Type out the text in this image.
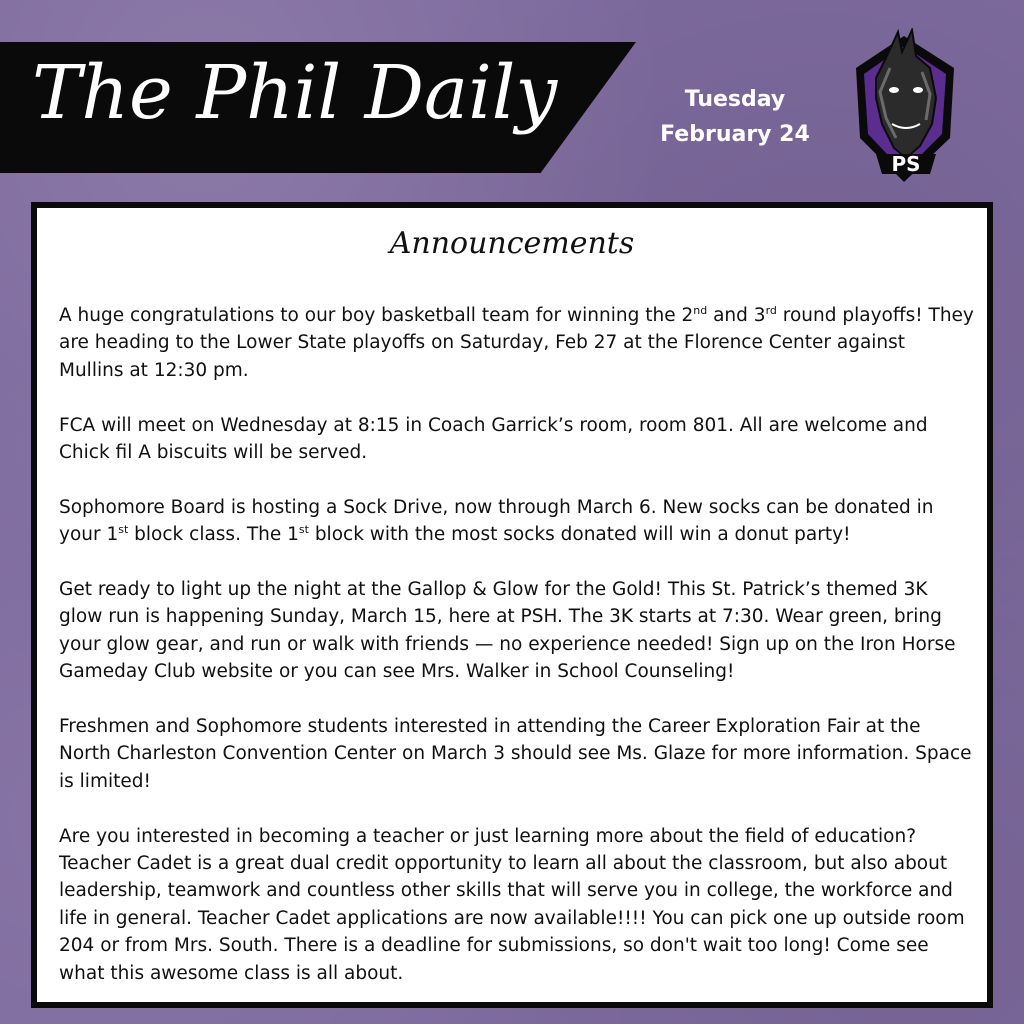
The Phil Daily	Tuesday
February 24
PS
Announcements

A huge congratulations to our boy basketball team for winning the 2nd and 3rd round playoffs! They are heading to the Lower State playoffs on Saturday, Feb 27 at the Florence Center against Mullins at 12:30 pm.

FCA will meet on Wednesday at 8:15 in Coach Garrick’s room, room 801. All are welcome and Chick fil A biscuits will be served.

Sophomore Board is hosting a Sock Drive, now through March 6. New socks can be donated in your 1st block class. The 1st block with the most socks donated will win a donut party!

Get ready to light up the night at the Gallop & Glow for the Gold! This St. Patrick’s themed 3K glow run is happening Sunday, March 15, here at PSH. The 3K starts at 7:30. Wear green, bring your glow gear, and run or walk with friends — no experience needed! Sign up on the Iron Horse Gameday Club website or you can see Mrs. Walker in School Counseling!

Freshmen and Sophomore students interested in attending the Career Exploration Fair at the North Charleston Convention Center on March 3 should see Ms. Glaze for more information. Space is limited!

Are you interested in becoming a teacher or just learning more about the field of education? Teacher Cadet is a great dual credit opportunity to learn all about the classroom, but also about leadership, teamwork and countless other skills that will serve you in college, the workforce and life in general. Teacher Cadet applications are now available!!!! You can pick one up outside room 204 or from Mrs. South. There is a deadline for submissions, so don't wait too long! Come see what this awesome class is all about.
